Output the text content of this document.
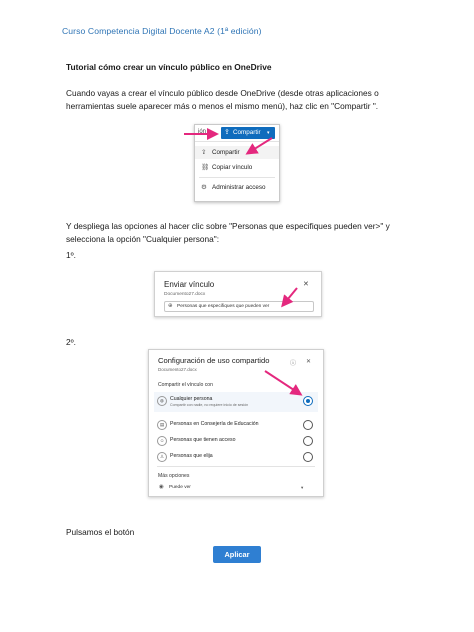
Curso Competencia Digital Docente A2 (1ª edición)
Tutorial cómo crear un vínculo público en OneDrive
Cuando vayas a crear el vínculo público desde OneDrive (desde otras aplicaciones o herramientas suele aparecer más o menos el mismo menú), haz clic en "Compartir ".
ión	⇪ Compartir ▾
⇪ Compartir
⛓ Copiar vínculo
⚙ Administrar acceso
Y despliega las opciones al hacer clic sobre "Personas que especifiques pueden ver>" y selecciona la opción "Cualquier persona":
1º.
Enviar vínculo
Documento27.docx
✕
⊕ Personas que especifiques que pueden ver
2º.
Configuración de uso compartido
Documento27.docx
ⓘ ✕
Compartir el vínculo con
◍	Cualquier persona
Compartir con nadie, no requiere inicio de sesión
▤	Personas en Consejería de Educación
☺	Personas que tienen acceso
♙	Personas que elija
Más opciones
◉ Puede ver	▾
Pulsamos el botón
Aplicar
